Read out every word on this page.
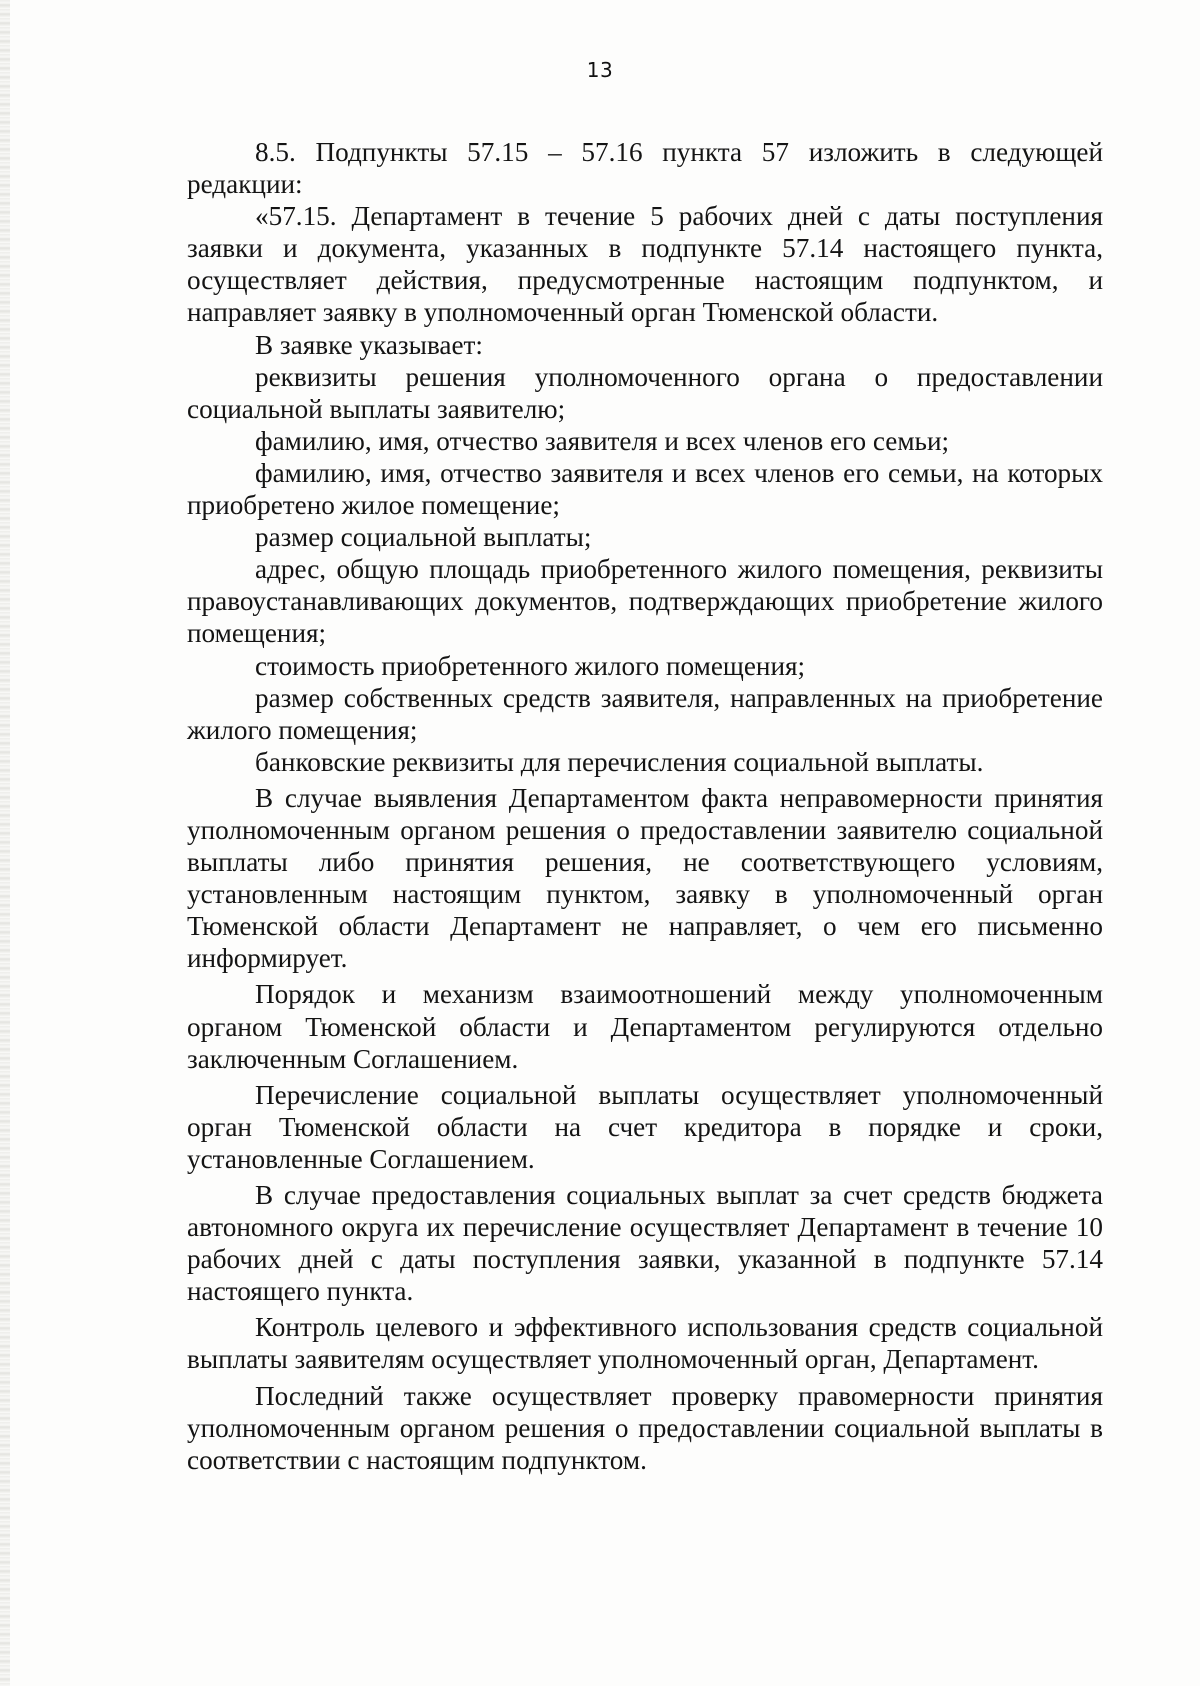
13

8.5. Подпункты 57.15 – 57.16 пункта 57 изложить в следующей редакции:

«57.15. Департамент в течение 5 рабочих дней с даты поступления заявки и документа, указанных в подпункте 57.14 настоящего пункта, осуществляет действия, предусмотренные настоящим подпунктом, и направляет заявку в уполномоченный орган Тюменской области.

В заявке указывает:

реквизиты решения уполномоченного органа о предоставлении социальной выплаты заявителю;

фамилию, имя, отчество заявителя и всех членов его семьи;

фамилию, имя, отчество заявителя и всех членов его семьи, на которых приобретено жилое помещение;

размер социальной выплаты;

адрес, общую площадь приобретенного жилого помещения, реквизиты правоустанавливающих документов, подтверждающих приобретение жилого помещения;

стоимость приобретенного жилого помещения;

размер собственных средств заявителя, направленных на приобретение жилого помещения;

банковские реквизиты для перечисления социальной выплаты.

В случае выявления Департаментом факта неправомерности принятия уполномоченным органом решения о предоставлении заявителю социальной выплаты либо принятия решения, не соответствующего условиям, установленным настоящим пунктом, заявку в уполномоченный орган Тюменской области Департамент не направляет, о чем его письменно информирует.

Порядок и механизм взаимоотношений между уполномоченным органом Тюменской области и Департаментом регулируются отдельно заключенным Соглашением.

Перечисление социальной выплаты осуществляет уполномоченный орган Тюменской области на счет кредитора в порядке и сроки, установленные Соглашением.

В случае предоставления социальных выплат за счет средств бюджета автономного округа их перечисление осуществляет Департамент в течение 10 рабочих дней с даты поступления заявки, указанной в подпункте 57.14 настоящего пункта.

Контроль целевого и эффективного использования средств социальной выплаты заявителям осуществляет уполномоченный орган, Департамент.

Последний также осуществляет проверку правомерности принятия уполномоченным органом решения о предоставлении социальной выплаты в соответствии с настоящим подпунктом.
